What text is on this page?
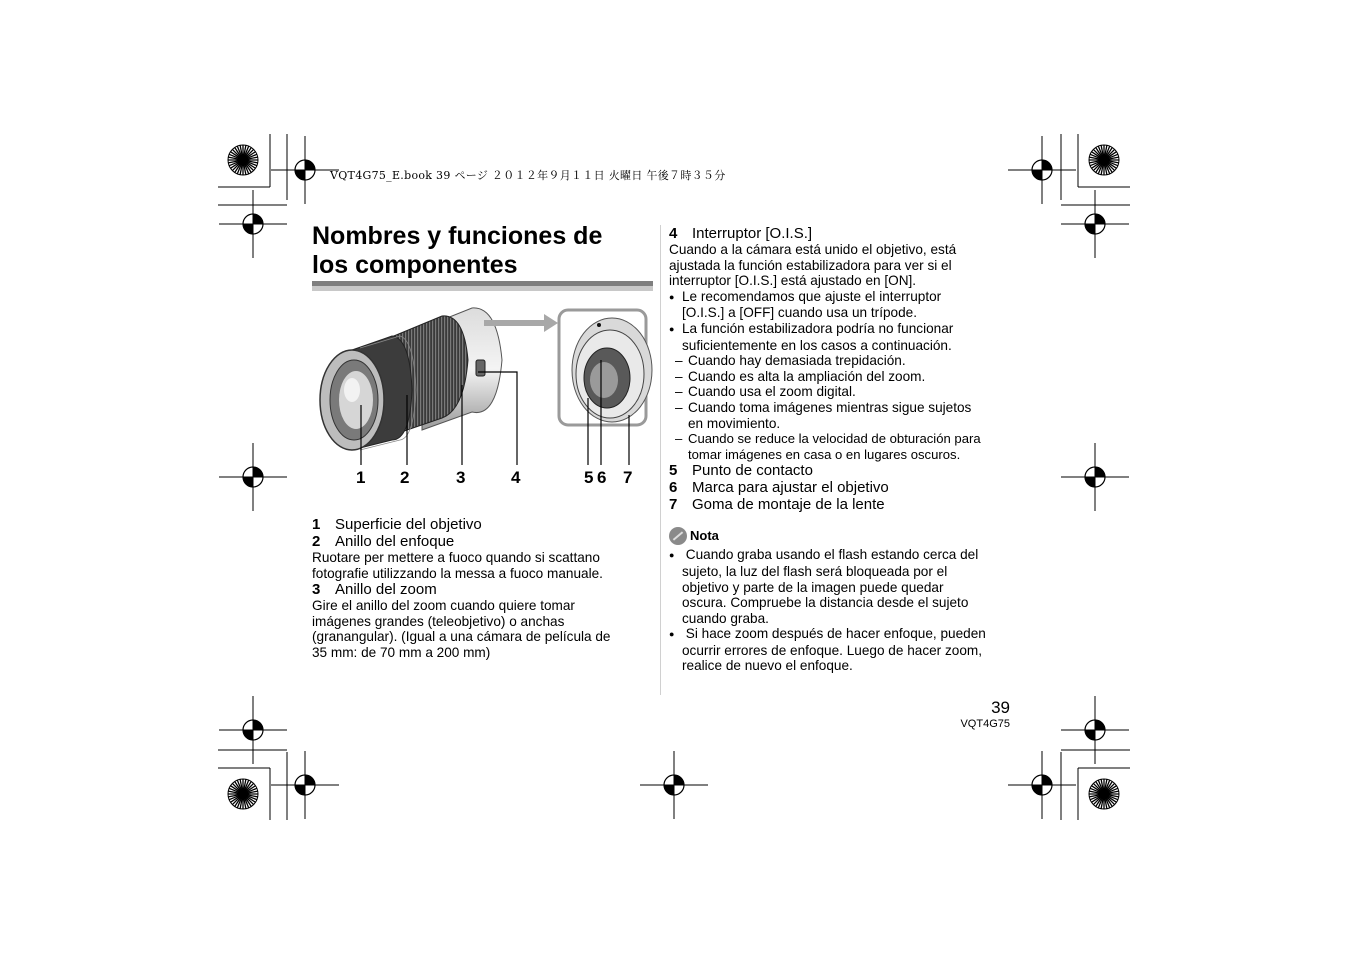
VQT4G75_E.book 39 ページ ２０１２年９月１１日 火曜日 午後７時３５分
Nombres y funciones de
los componentes
1 2	3	4	5 6 7
1 Superficie del objetivo
2 Anillo del enfoque
Ruotare per mettere a fuoco quando si scattano
fotografie utilizzando la messa a fuoco manuale.
3 Anillo del zoom
Gire el anillo del zoom cuando quiere tomar
imágenes grandes (teleobjetivo) o anchas
(granangular). (Igual a una cámara de película de
35 mm: de 70 mm a 200 mm)
4 Interruptor [O.I.S.]
Cuando a la cámara está unido el objetivo, está
ajustada la función estabilizadora para ver si el
interruptor [O.I.S.] está ajustado en [ON].
● Le recomendamos que ajuste el interruptor
[O.I.S.] a [OFF] cuando usa un trípode.
● La función estabilizadora podría no funcionar
suficientemente en los casos a continuación.
– Cuando hay demasiada trepidación.
– Cuando es alta la ampliación del zoom.
– Cuando usa el zoom digital.
– Cuando toma imágenes mientras sigue sujetos
en movimiento.
– Cuando se reduce la velocidad de obturación para
tomar imágenes en casa o en lugares oscuros.
5 Punto de contacto
6 Marca para ajustar el objetivo
7 Goma de montaje de la lente
Nota
● Cuando graba usando el flash estando cerca del
sujeto, la luz del flash será bloqueada por el
objetivo y parte de la imagen puede quedar
oscura. Compruebe la distancia desde el sujeto
cuando graba.
● Si hace zoom después de hacer enfoque, pueden
ocurrir errores de enfoque. Luego de hacer zoom,
realice de nuevo el enfoque.
39
VQT4G75
